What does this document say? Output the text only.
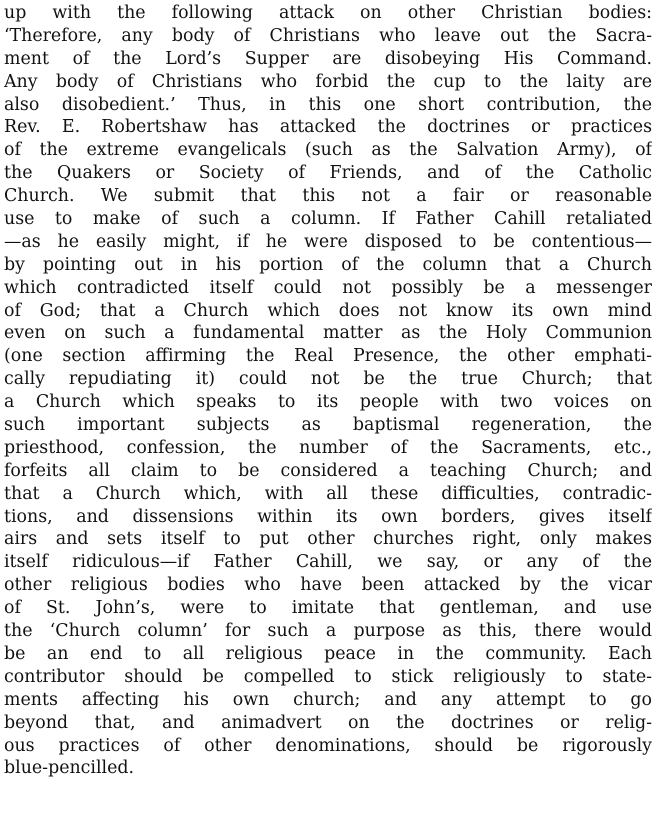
up with the following attack on other Christian bodies:
‘Therefore, any body of Christians who leave out the Sacra-
ment of the Lord’s Supper are disobeying His Command.
Any body of Christians who forbid the cup to the laity are
also disobedient.’ Thus, in this one short contribution, the
Rev. E. Robertshaw has attacked the doctrines or practices
of the extreme evangelicals (such as the Salvation Army), of
the Quakers or Society of Friends, and of the Catholic
Church. We submit that this not a fair or reasonable
use to make of such a column. If Father Cahill retaliated
—as he easily might, if he were disposed to be contentious—
by pointing out in his portion of the column that a Church
which contradicted itself could not possibly be a messenger
of God; that a Church which does not know its own mind
even on such a fundamental matter as the Holy Communion
(one section affirming the Real Presence, the other emphati-
cally repudiating it) could not be the true Church; that
a Church which speaks to its people with two voices on
such important subjects as baptismal regeneration, the
priesthood, confession, the number of the Sacraments, etc.,
forfeits all claim to be considered a teaching Church; and
that a Church which, with all these difficulties, contradic-
tions, and dissensions within its own borders, gives itself
airs and sets itself to put other churches right, only makes
itself ridiculous—if Father Cahill, we say, or any of the
other religious bodies who have been attacked by the vicar
of St. John’s, were to imitate that gentleman, and use
the ‘Church column’ for such a purpose as this, there would
be an end to all religious peace in the community. Each
contributor should be compelled to stick religiously to state-
ments affecting his own church; and any attempt to go
beyond that, and animadvert on the doctrines or relig-
ous practices of other denominations, should be rigorously
blue-pencilled.
